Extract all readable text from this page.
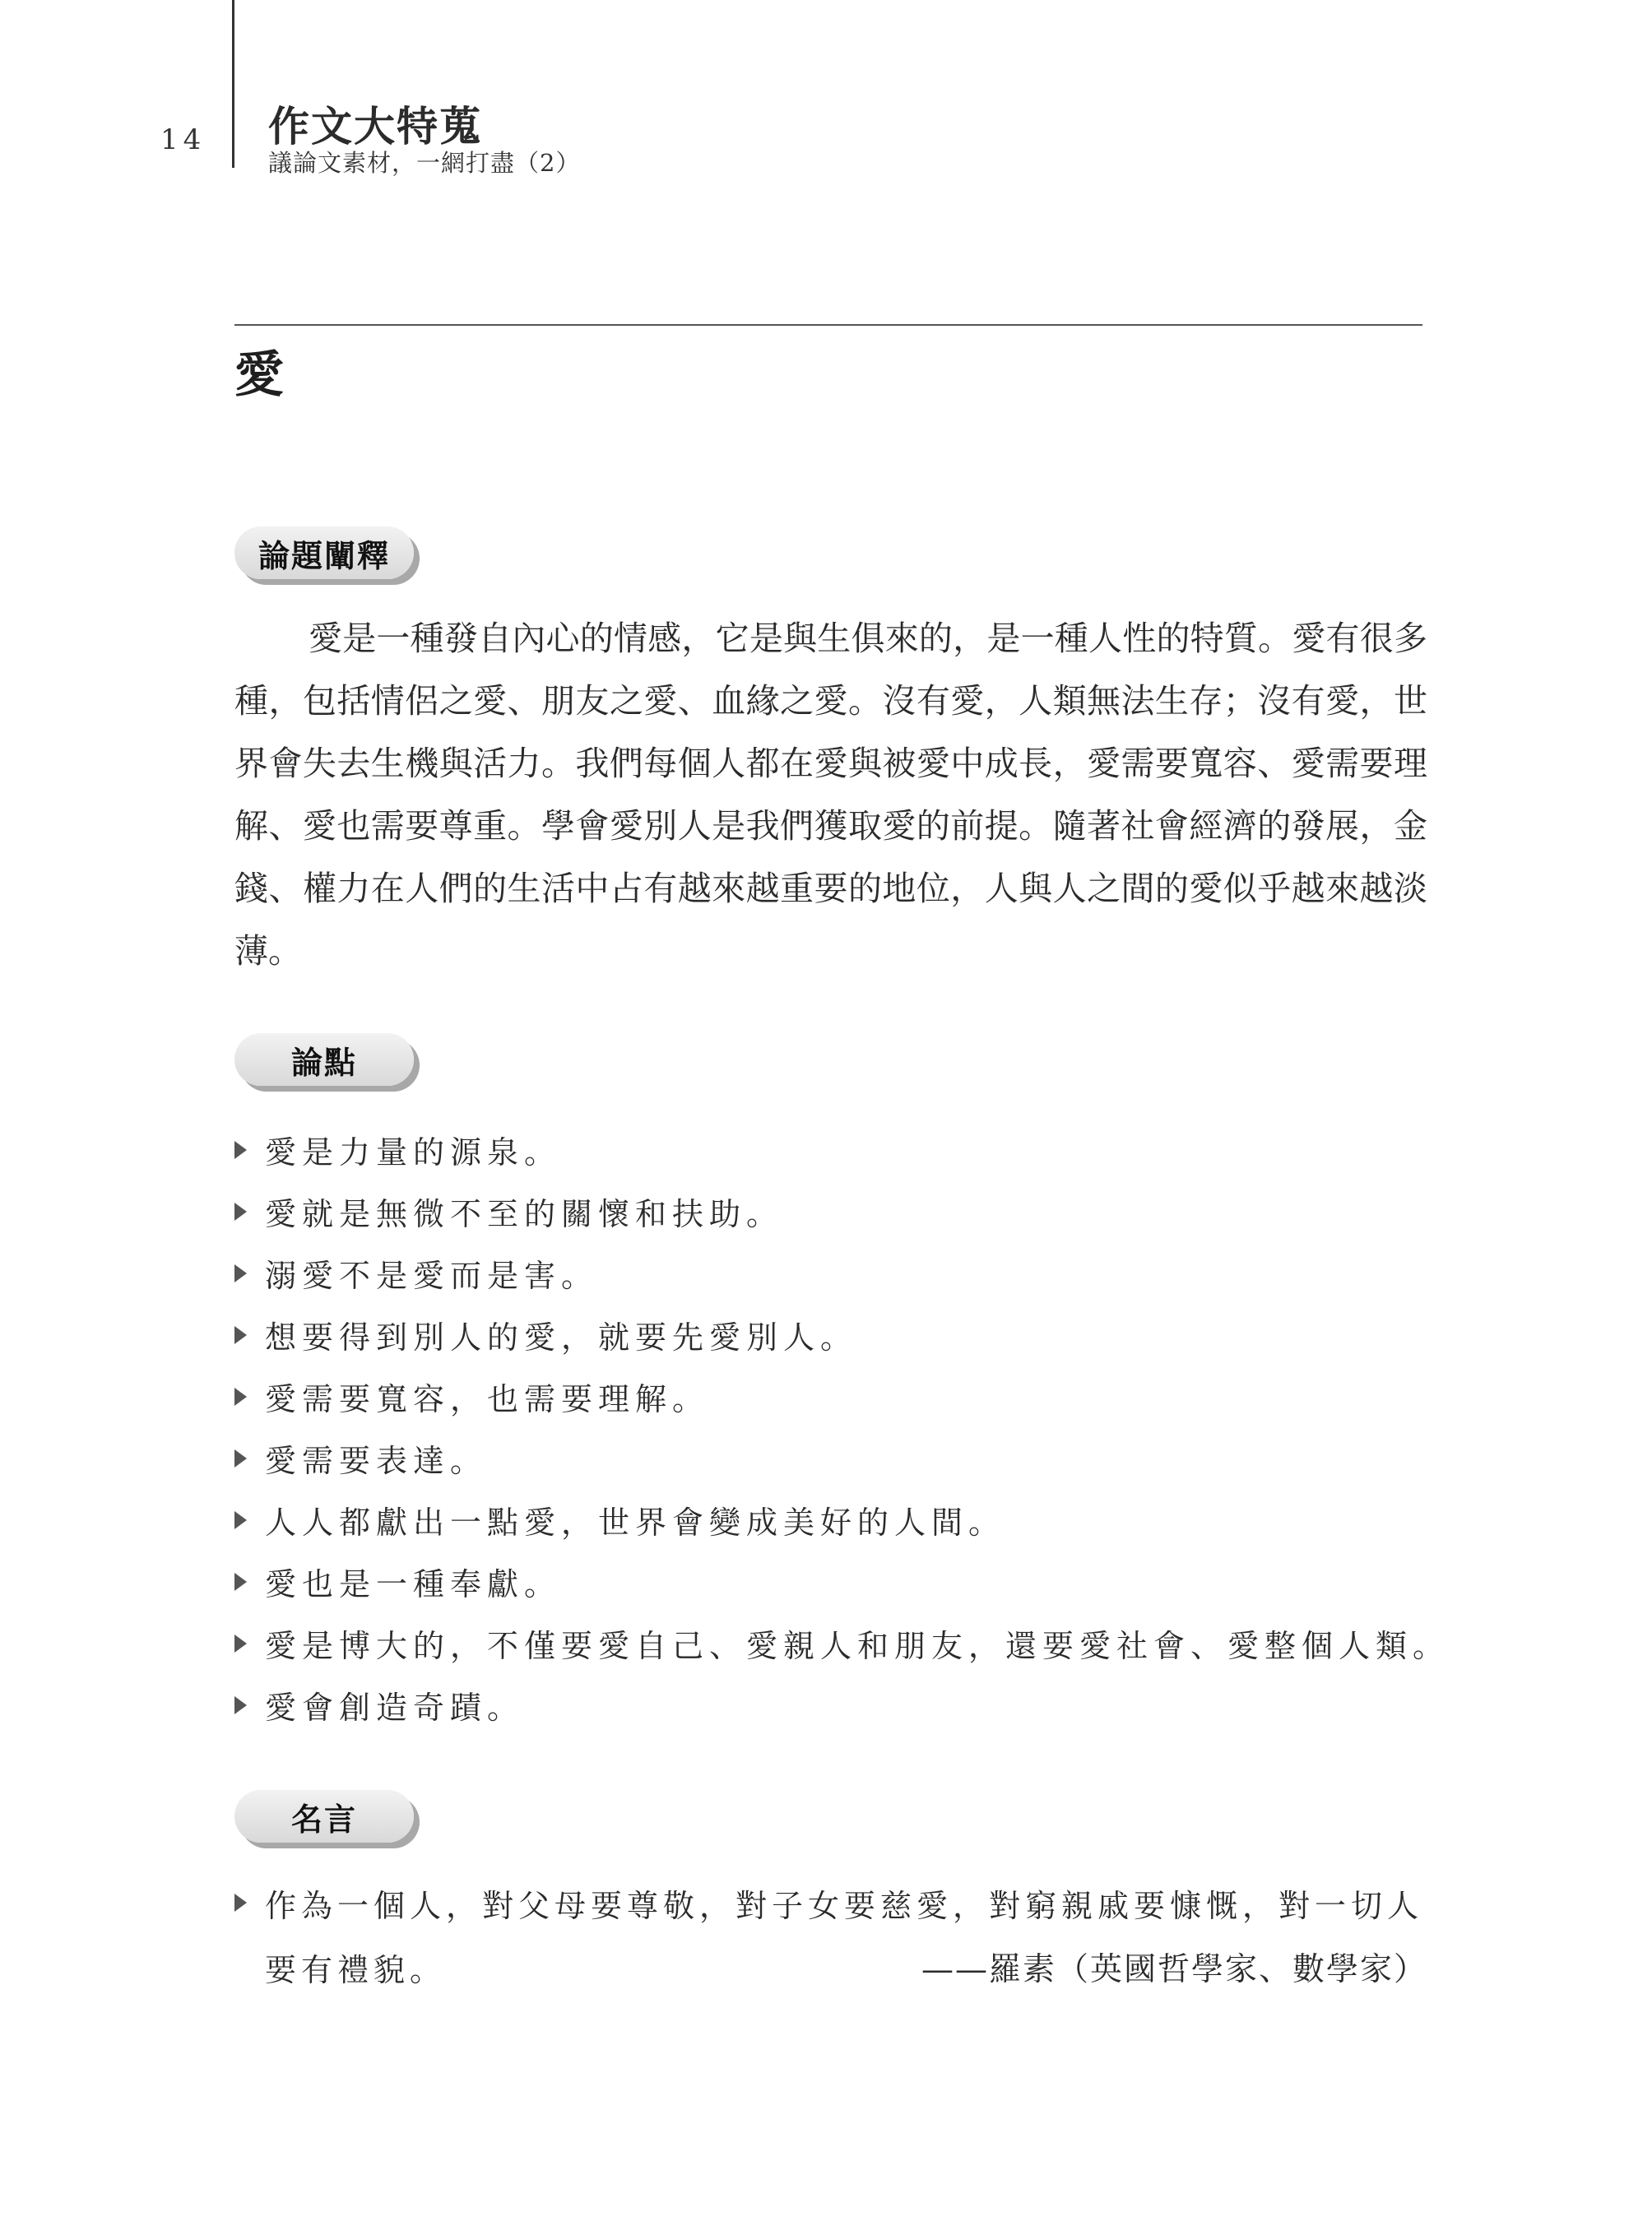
14 作文大特蒐
議論文素材，一網打盡（2）
愛
論題闡釋

愛是一種發自內心的情感，它是與生俱來的，是一種人性的特質。愛有很多種，包括情侶之愛、朋友之愛、血緣之愛。沒有愛，人類無法生存；沒有愛，世界會失去生機與活力。我們每個人都在愛與被愛中成長，愛需要寬容、愛需要理解、愛也需要尊重。學會愛別人是我們獲取愛的前提。隨著社會經濟的發展，金錢、權力在人們的生活中占有越來越重要的地位，人與人之間的愛似乎越來越淡薄。

論點
愛是力量的源泉。
愛就是無微不至的關懷和扶助。
溺愛不是愛而是害。
想要得到別人的愛，就要先愛別人。
愛需要寬容，也需要理解。
愛需要表達。
人人都獻出一點愛，世界會變成美好的人間。
愛也是一種奉獻。
愛是博大的，不僅要愛自己、愛親人和朋友，還要愛社會、愛整個人類。
愛會創造奇蹟。
名言
作為一個人，對父母要尊敬，對子女要慈愛，對窮親戚要慷慨，對一切人
要有禮貌。	——羅素（英國哲學家、數學家）
